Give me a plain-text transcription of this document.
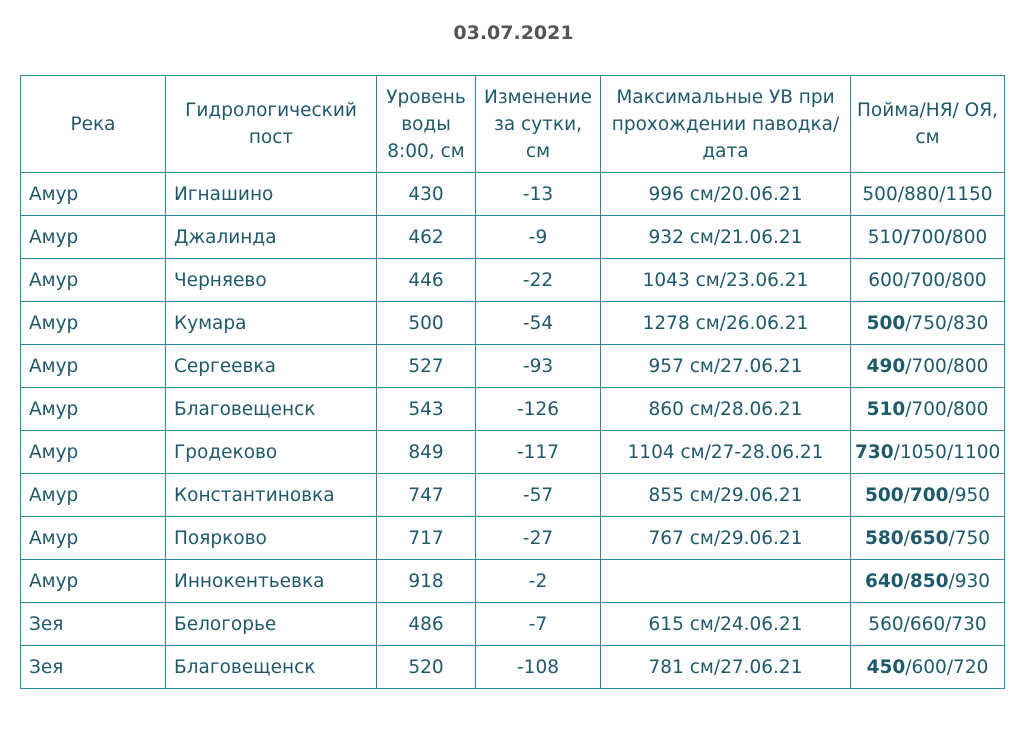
03.07.2021
Река	Гидрологический пост	Уровень воды 8:00, см	Изменение за сутки, см	Максимальные УВ при прохождении паводка/ дата	Пойма/НЯ/ ОЯ, см
Амур	Игнашино	430	-13	996 см/20.06.21	500/880/1150
Амур	Джалинда	462	-9	932 см/21.06.21	510/700/800
Амур	Черняево	446	-22	1043 см/23.06.21	600/700/800
Амур	Кумара	500	-54	1278 см/26.06.21	500/750/830
Амур	Сергеевка	527	-93	957 см/27.06.21	490/700/800
Амур	Благовещенск	543	-126	860 см/28.06.21	510/700/800
Амур	Гродеково	849	-117	1104 см/27-28.06.21	730/1050/1100
Амур	Константиновка	747	-57	855 см/29.06.21	500/700/950
Амур	Поярково	717	-27	767 см/29.06.21	580/650/750
Амур	Иннокентьевка	918	-2		640/850/930
Зея	Белогорье	486	-7	615 см/24.06.21	560/660/730
Зея	Благовещенск	520	-108	781 см/27.06.21	450/600/720
